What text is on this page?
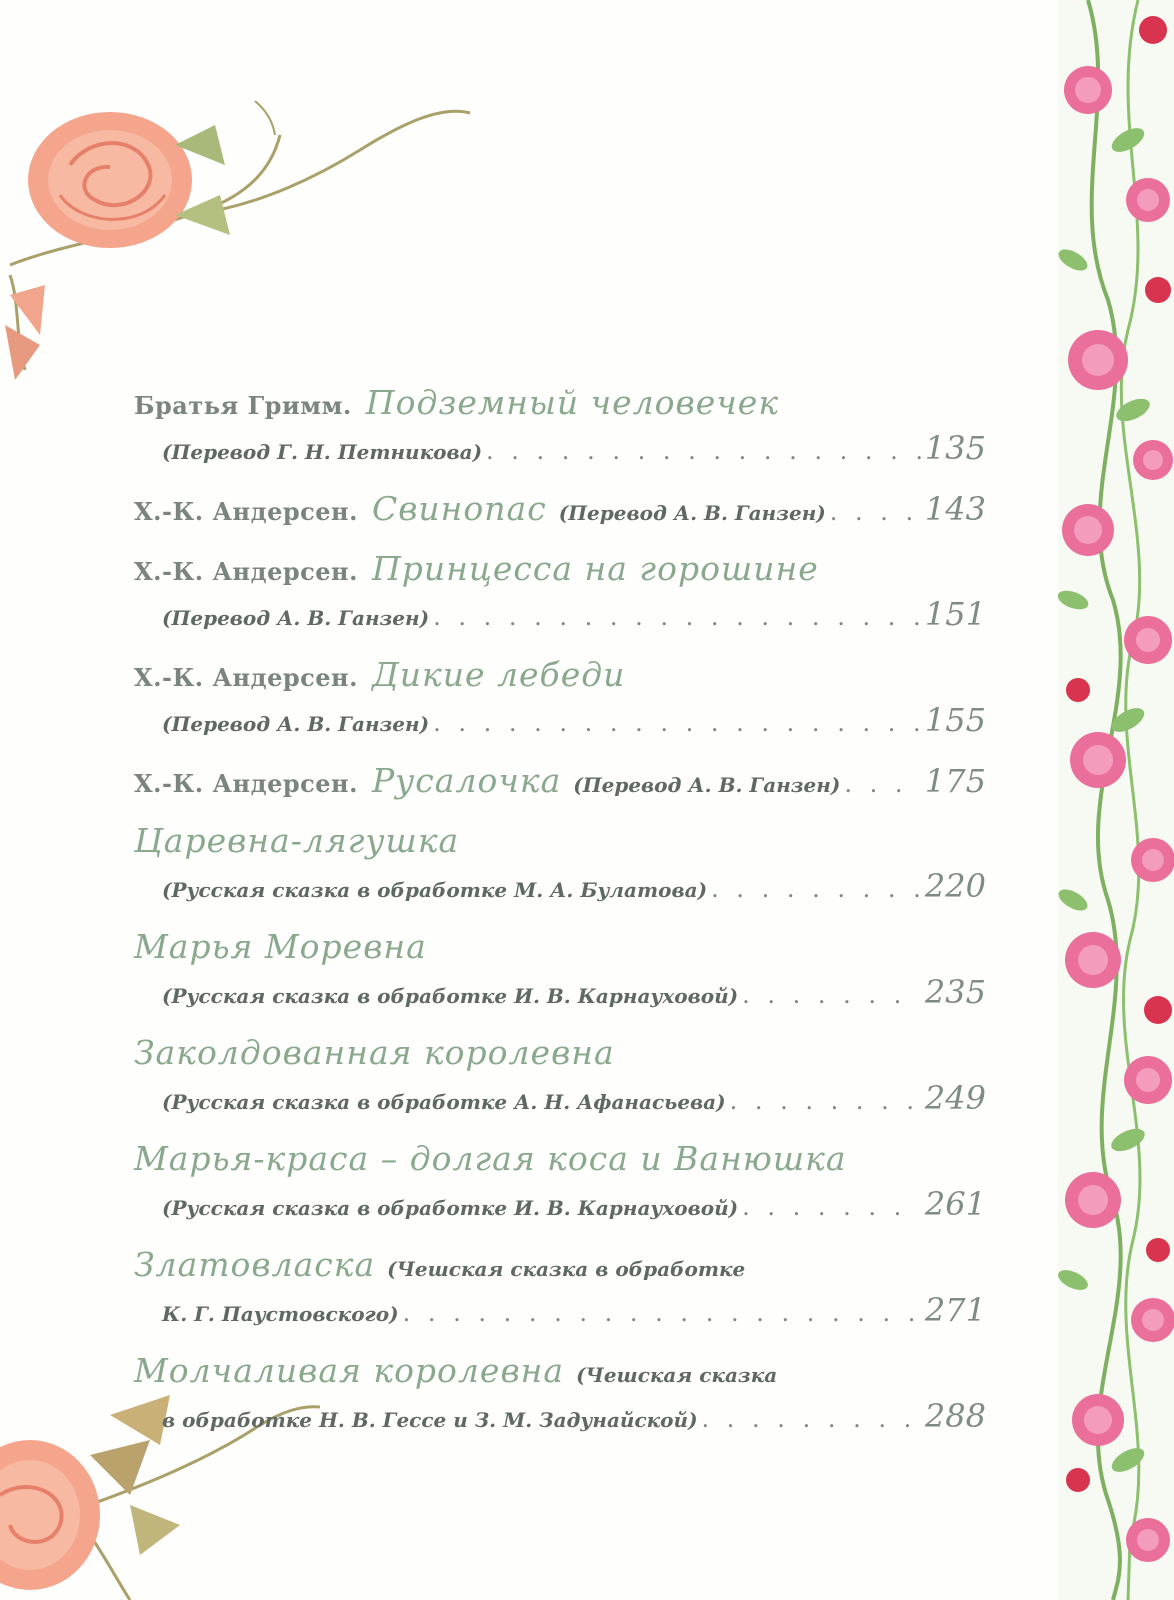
Братья Гримм. Подземный человечек
(Перевод Г. Н. Петникова) . . .	135
Х.-К. Андерсен. Свинопас (Перевод А. В. Ганзен) . . .	143
Х.-К. Андерсен. Принцесса на горошине
(Перевод А. В. Ганзен) . . .	151
Х.-К. Андерсен. Дикие лебеди
(Перевод А. В. Ганзен) . . .	155
Х.-К. Андерсен. Русалочка (Перевод А. В. Ганзен) . . .	175
Царевна-лягушка
(Русская сказка в обработке М. А. Булатова) . . .	220
Марья Моревна
(Русская сказка в обработке И. В. Карнауховой) . . .	235
Заколдованная королевна
(Русская сказка в обработке А. Н. Афанасьева) . . .	249
Марья-краса – долгая коса и Ванюшка
(Русская сказка в обработке И. В. Карнауховой) . . .	261
Златовласка (Чешская сказка в обработке
К. Г. Паустовского) . . .	271
Молчаливая королевна (Чешская сказка
в обработке Н. В. Гессе и З. М. Задунайской) . . .	288
